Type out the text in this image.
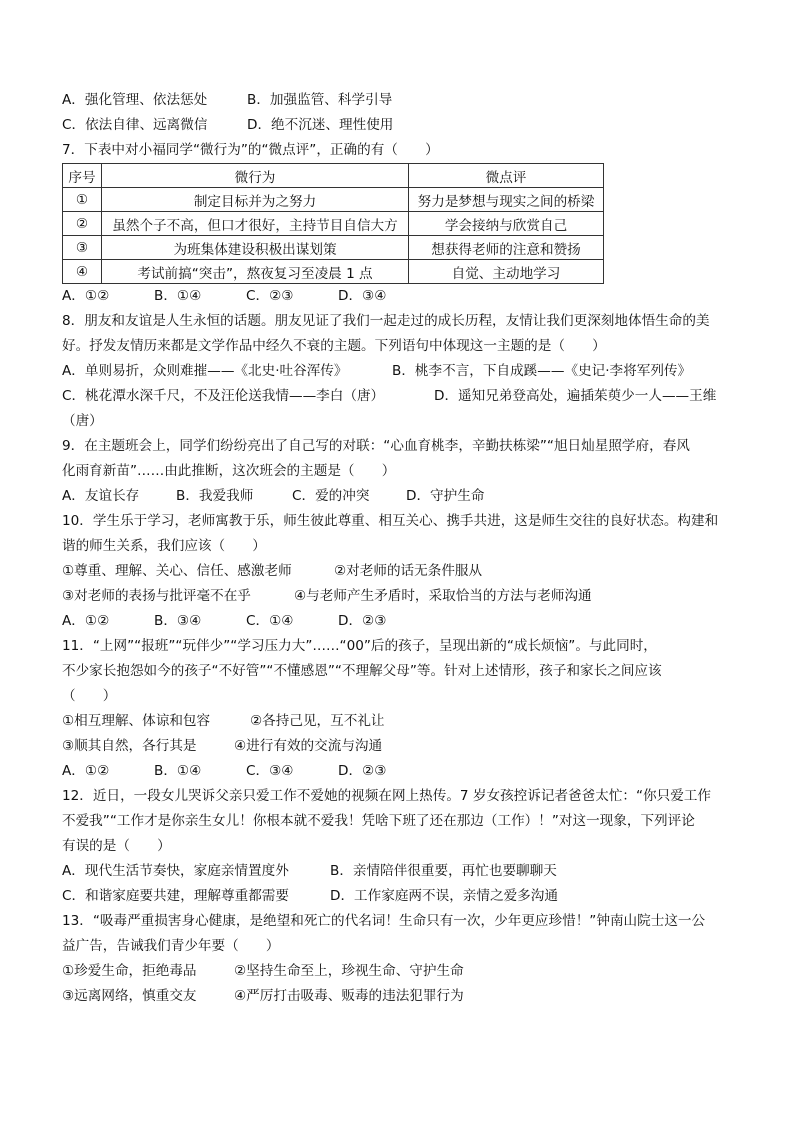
A．强化管理、依法惩处	B．加强监管、科学引导
C．依法自律、远离微信	D．绝不沉迷、理性使用
7．下表中对小福同学“微行为”的“微点评”，正确的有（　　）
序号	微行为	微点评
①	制定目标并为之努力	努力是梦想与现实之间的桥梁
②	虽然个子不高，但口才很好，主持节目自信大方	学会接纳与欣赏自己
③	为班集体建设积极出谋划策	想获得老师的注意和赞扬
④	考试前搞“突击”，熬夜复习至凌晨 1 点	自觉、主动地学习
A．①②	B．①④	C．②③	D．③④
8．朋友和友谊是人生永恒的话题。朋友见证了我们一起走过的成长历程，友情让我们更深刻地体悟生命的美
好。抒发友情历来都是文学作品中经久不衰的主题。下列语句中体现这一主题的是（　　）
A．单则易折，众则难摧——《北史·吐谷浑传》	B．桃李不言，下自成蹊——《史记·李将军列传》
C．桃花潭水深千尺，不及汪伦送我情——李白（唐）	D．遥知兄弟登高处，遍插茱萸少一人——王维
（唐）
9．在主题班会上，同学们纷纷亮出了自己写的对联：“心血育桃李，辛勤扶栋梁”“旭日灿星照学府，春风
化雨育新苗”……由此推断，这次班会的主题是（　　）
A．友谊长存	B．我爱我师	C．爱的冲突	D．守护生命
10．学生乐于学习，老师寓教于乐，师生彼此尊重、相互关心、携手共进，这是师生交往的良好状态。构建和
谐的师生关系，我们应该（　　）
①尊重、理解、关心、信任、感激老师	②对老师的话无条件服从
③对老师的表扬与批评毫不在乎	④与老师产生矛盾时，采取恰当的方法与老师沟通
A．①②	B．③④	C．①④	D．②③
11．“上网”“报班”“玩伴少”“学习压力大”……“00”后的孩子，呈现出新的“成长烦恼”。与此同时，
不少家长抱怨如今的孩子“不好管”“不懂感恩”“不理解父母”等。针对上述情形，孩子和家长之间应该
（　　）
①相互理解、体谅和包容	②各持己见，互不礼让
③顺其自然，各行其是	④进行有效的交流与沟通
A．①②	B．①④	C．③④	D．②③
12．近日，一段女儿哭诉父亲只爱工作不爱她的视频在网上热传。7 岁女孩控诉记者爸爸太忙：“你只爱工作
不爱我”“工作才是你亲生女儿！你根本就不爱我！凭啥下班了还在那边（工作）！”对这一现象，下列评论
有误的是（　　）
A．现代生活节奏快，家庭亲情置度外	B．亲情陪伴很重要，再忙也要聊聊天
C．和谐家庭要共建，理解尊重都需要	D．工作家庭两不误，亲情之爱多沟通
13．“吸毒严重损害身心健康，是绝望和死亡的代名词！生命只有一次，少年更应珍惜！”钟南山院士这一公
益广告，告诫我们青少年要（　　）
①珍爱生命，拒绝毒品	②坚持生命至上，珍视生命、守护生命
③远离网络，慎重交友	④严厉打击吸毒、贩毒的违法犯罪行为
